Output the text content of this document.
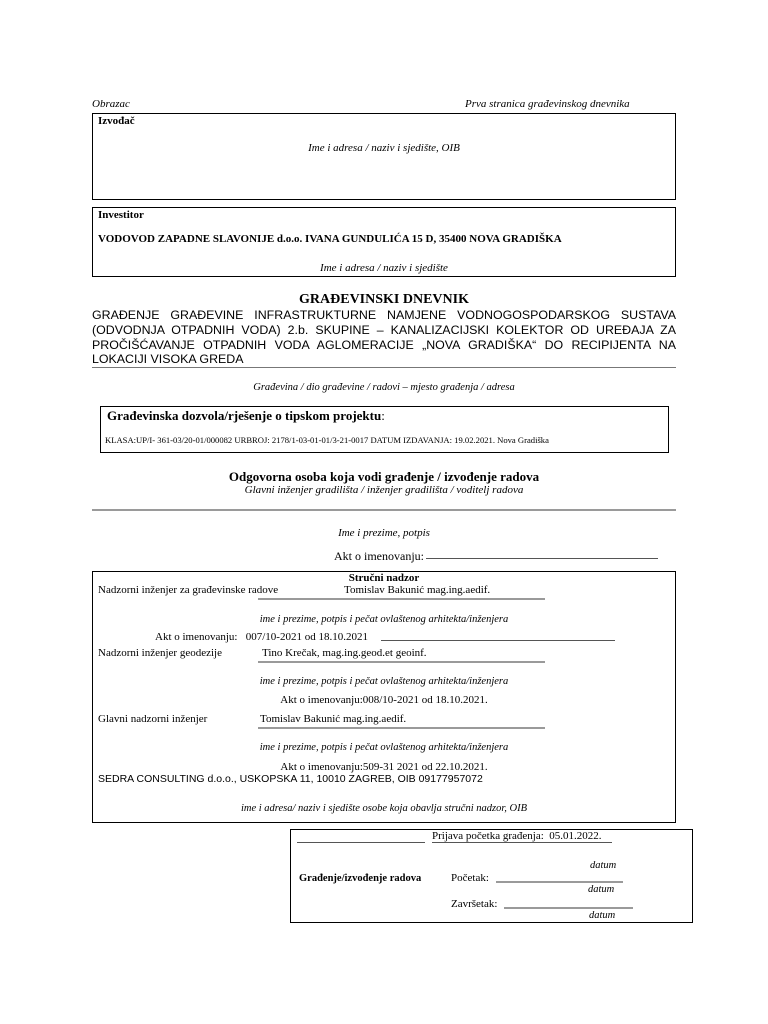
Obrazac	Prva stranica građevinskog dnevnika
Izvođač
Ime i adresa / naziv i sjedište, OIB
Investitor
VODOVOD ZAPADNE SLAVONIJE d.o.o. IVANA GUNDULIĆA 15 D, 35400 NOVA GRADIŠKA
Ime i adresa / naziv i sjedište
GRAĐEVINSKI DNEVNIK
GRAĐENJE GRAĐEVINE INFRASTRUKTURNE NAMJENE VODNOGOSPODARSKOG SUSTAVA
(ODVODNJA OTPADNIH VODA) 2.b. SKUPINE – KANALIZACIJSKI KOLEKTOR OD UREĐAJA ZA
PROČIŠĆAVANJE OTPADNIH VODA AGLOMERACIJE „NOVA GRADIŠKA“ DO RECIPIJENTA NA
LOKACIJI VISOKA GREDA
Građevina / dio građevine / radovi – mjesto građenja / adresa
Građevinska dozvola/rješenje o tipskom projektu:
KLASA:UP/I- 361-03/20-01/000082 URBROJ: 2178/1-03-01-01/3-21-0017 DATUM IZDAVANJA: 19.02.2021. Nova Gradiška
Odgovorna osoba koja vodi građenje / izvođenje radova
Glavni inženjer gradilišta / inženjer gradilišta / voditelj radova
Ime i prezime, potpis
Akt o imenovanju:
Stručni nadzor
Nadzorni inženjer za građevinske radove	Tomislav Bakunić mag.ing.aedif.
ime i prezime, potpis i pečat ovlaštenog arhitekta/inženjera
Akt o imenovanju: 007/10-2021 od 18.10.2021
Nadzorni inženjer geodezije	Tino Krečak, mag.ing.geod.et geoinf.
ime i prezime, potpis i pečat ovlaštenog arhitekta/inženjera
Akt o imenovanju:008/10-2021 od 18.10.2021.
Glavni nadzorni inženjer	Tomislav Bakunić mag.ing.aedif.
ime i prezime, potpis i pečat ovlaštenog arhitekta/inženjera
Akt o imenovanju:509-31 2021 od 22.10.2021.
SEDRA CONSULTING d.o.o., USKOPSKA 11, 10010 ZAGREB, OIB 09177957072
ime i adresa/ naziv i sjedište osobe koja obavlja stručni nadzor, OIB
Prijava početka građenja: 05.01.2022.
datum
Građenje/izvođenje radova	Početak:
datum
Završetak:
datum
